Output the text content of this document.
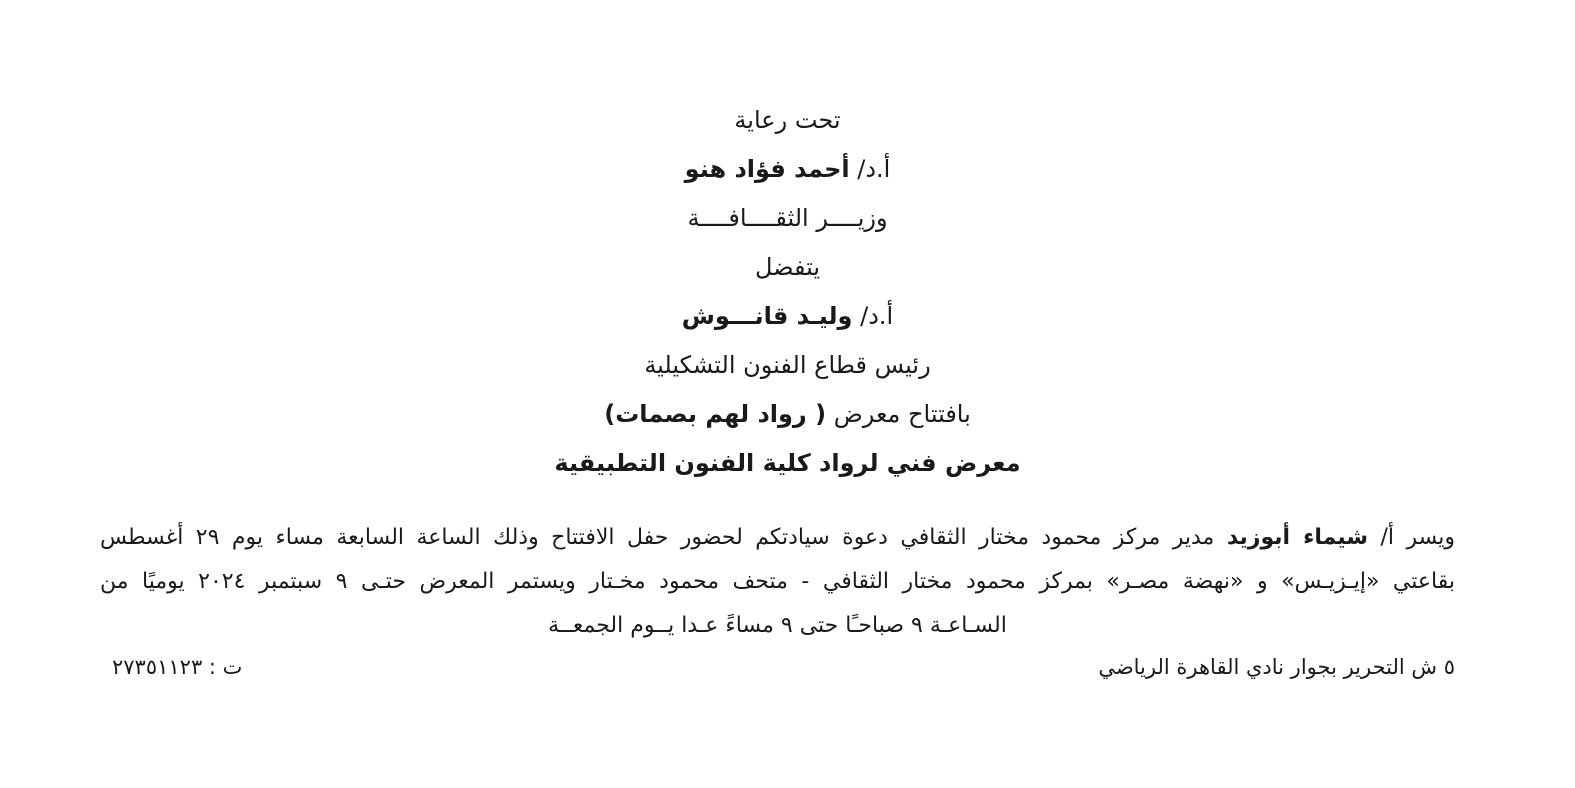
تحت رعاية
أ.د/ أحمد فؤاد هنو
وزيــــر الثقــــافــــة
يتفضل
أ.د/ وليـد قانـــوش
رئيس قطاع الفنون التشكيلية
بافتتاح معرض ( رواد لهم بصمات)
معرض فني لرواد كلية الفنون التطبيقية
ويسر أ/ شيماء أبوزيد مدير مركز محمود مختار الثقافي دعوة سيادتكم لحضور حفل الافتتاح وذلك الساعة السابعة مساء يوم ٢٩ أغسطس
بقاعتي «إيـزيـس» و «نهضة مصـر» بمركز محمود مختار الثقافي - متحف محمود مخـتار ويستمر المعرض حتـى ٩ سبتمبر ٢٠٢٤ يوميًا من
السـاعـة ٩ صباحـًا حتى ٩ مساءً عـدا يــوم الجمعــة
٥ ش التحرير بجوار نادي القاهرة الرياضي
ت : ٢٧٣٥١١٢٣
